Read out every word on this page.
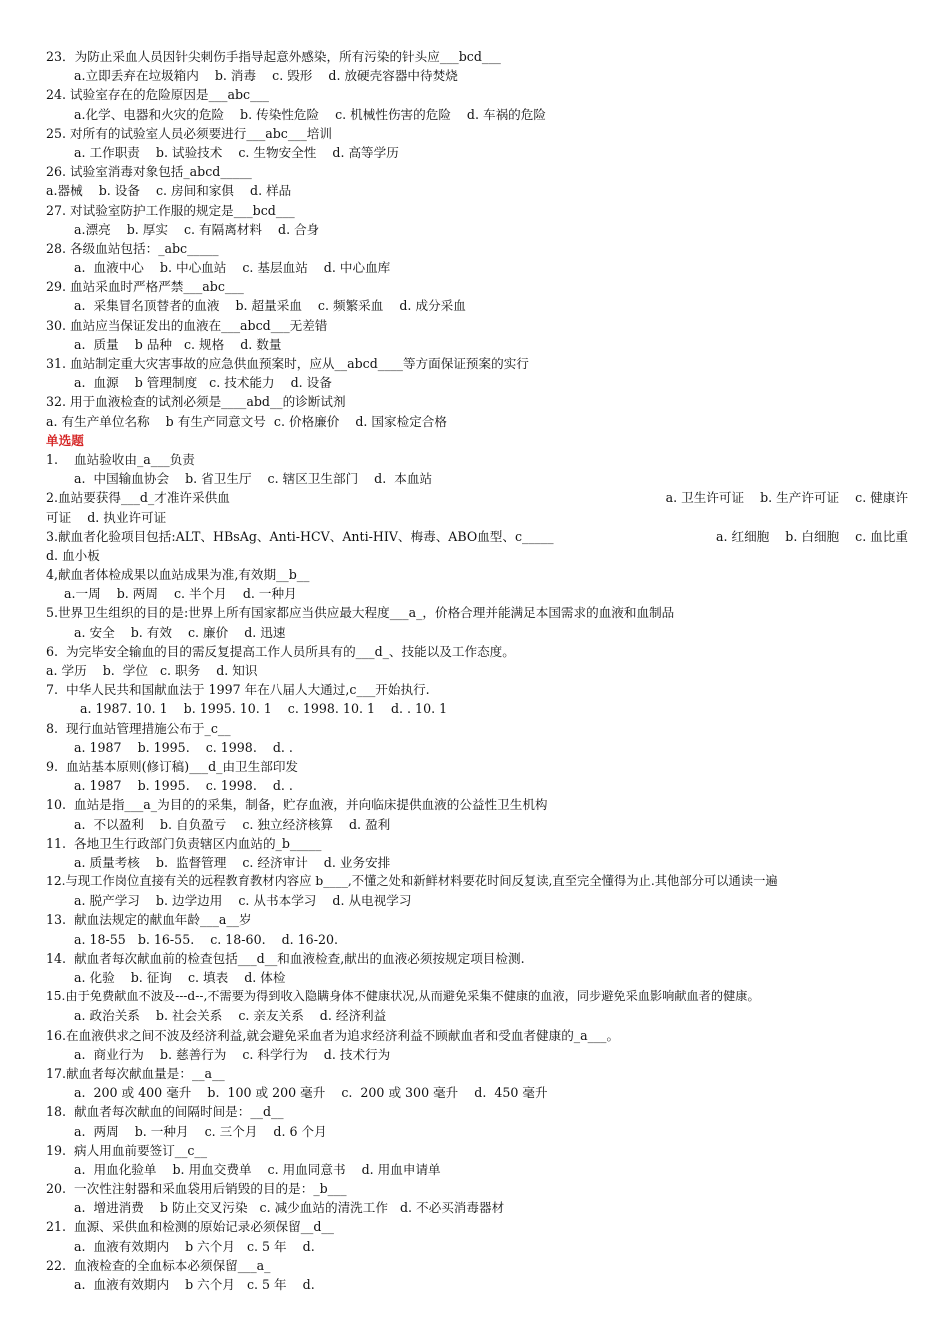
23．为防止采血人员因针尖刺伤手指导起意外感染，所有污染的针头应___bcd___
a.立即丢弃在垃圾箱内    b. 消毒    c. 毁形    d. 放硬壳容器中待焚烧
24. 试验室存在的危险原因是___abc___
a.化学、电器和火灾的危险    b. 传染性危险    c. 机械性伤害的危险    d. 车祸的危险
25. 对所有的试验室人员必须要进行___abc___培训
a. 工作职责    b. 试验技术    c. 生物安全性    d. 高等学历
26. 试验室消毒对象包括_abcd_____
a.器械    b. 设备    c. 房间和家俱    d. 样品
27. 对试验室防护工作服的规定是___bcd___
a.漂亮    b. 厚实    c. 有隔离材料    d. 合身
28. 各级血站包括：_abc_____
a.  血液中心    b. 中心血站    c. 基层血站    d. 中心血库
29. 血站采血时严格严禁___abc___
a.  采集冒名顶替者的血液    b. 超量采血    c. 频繁采血    d. 成分采血
30. 血站应当保证发出的血液在___abcd___无差错
a.  质量    b 品种   c. 规格    d. 数量
31. 血站制定重大灾害事故的应急供血预案时，应从__abcd____等方面保证预案的实行
a.  血源    b 管理制度   c. 技术能力    d. 设备
32. 用于血液检查的试剂必须是____abd__的诊断试剂
a. 有生产单位名称    b 有生产同意文号  c. 价格廉价    d. 国家检定合格
单选题
1.    血站验收由_a___负责
a.  中国输血协会    b. 省卫生厅    c. 辖区卫生部门    d.  本血站
2.血站要获得___d_才准许采供血	a. 卫生许可证    b. 生产许可证    c. 健康许
可证    d. 执业许可证
3.献血者化验项目包括:ALT、HBsAg、Anti-HCV、Anti-HIV、梅毒、ABO血型、c_____	a. 红细胞    b. 白细胞    c. 血比重
d. 血小板
4,献血者体检成果以血站成果为准,有效期__b__
a.一周    b. 两周    c. 半个月    d. 一种月
5.世界卫生组织的目的是:世界上所有国家都应当供应最大程度___a_，价格合理并能满足本国需求的血液和血制品
a. 安全    b. 有效    c. 廉价    d. 迅速
6.  为完毕安全输血的目的需反复提高工作人员所具有的___d_、技能以及工作态度。
a. 学历    b.  学位   c. 职务    d. 知识
7.  中华人民共和国献血法于 1997 年在八届人大通过,c___开始执行.
a. 1987. 10. 1    b. 1995. 10. 1    c. 1998. 10. 1    d. . 10. 1
8.  现行血站管理措施公布于_c__
a. 1987    b. 1995.    c. 1998.    d. .
9.  血站基本原则(修订稿)___d_由卫生部印发
a. 1987    b. 1995.    c. 1998.    d. .
10.  血站是指___a_为目的的采集，制备，贮存血液，并向临床提供血液的公益性卫生机构
a.  不以盈利    b. 自负盈亏    c. 独立经济核算    d. 盈利
11.  各地卫生行政部门负责辖区内血站的_b_____
a. 质量考核    b.  监督管理    c. 经济审计    d. 业务安排
12.与现工作岗位直接有关的远程教育教材内容应 b____,不懂之处和新鲜材料要花时间反复读,直至完全懂得为止.其他部分可以通读一遍
a. 脱产学习    b. 边学边用    c. 从书本学习    d. 从电视学习
13.  献血法规定的献血年龄___a__岁
a. 18-55   b. 16-55.    c. 18-60.    d. 16-20.
14.  献血者每次献血前的检查包括___d__和血液检查,献出的血液必须按规定项目检测.
a. 化验    b. 征询    c. 填表    d. 体检
15.由于免费献血不波及---d--,不需要为得到收入隐瞒身体不健康状况,从而避免采集不健康的血液，同步避免采血影响献血者的健康。
a. 政治关系    b. 社会关系    c. 亲友关系    d. 经济利益
16.在血液供求之间不波及经济利益,就会避免采血者为追求经济利益不顾献血者和受血者健康的_a___。
a.  商业行为    b. 慈善行为    c. 科学行为    d. 技术行为
17.献血者每次献血量是：__a__
a.  200 或 400 毫升    b.  100 或 200 毫升    c.  200 或 300 毫升    d.  450 毫升
18.  献血者每次献血的间隔时间是：__d__
a.  两周    b. 一种月    c. 三个月    d. 6 个月
19.  病人用血前要签订__c__
a.  用血化验单    b. 用血交费单    c. 用血同意书    d. 用血申请单
20.  一次性注射器和采血袋用后销毁的目的是：_b___
a.  增进消费    b 防止交叉污染   c. 减少血站的清洗工作   d. 不必买消毒器材
21.  血源、采供血和检测的原始记录必须保留__d__
a.  血液有效期内    b 六个月   c. 5 年    d.
22.  血液检查的全血标本必须保留___a_
a.  血液有效期内    b 六个月   c. 5 年    d.
